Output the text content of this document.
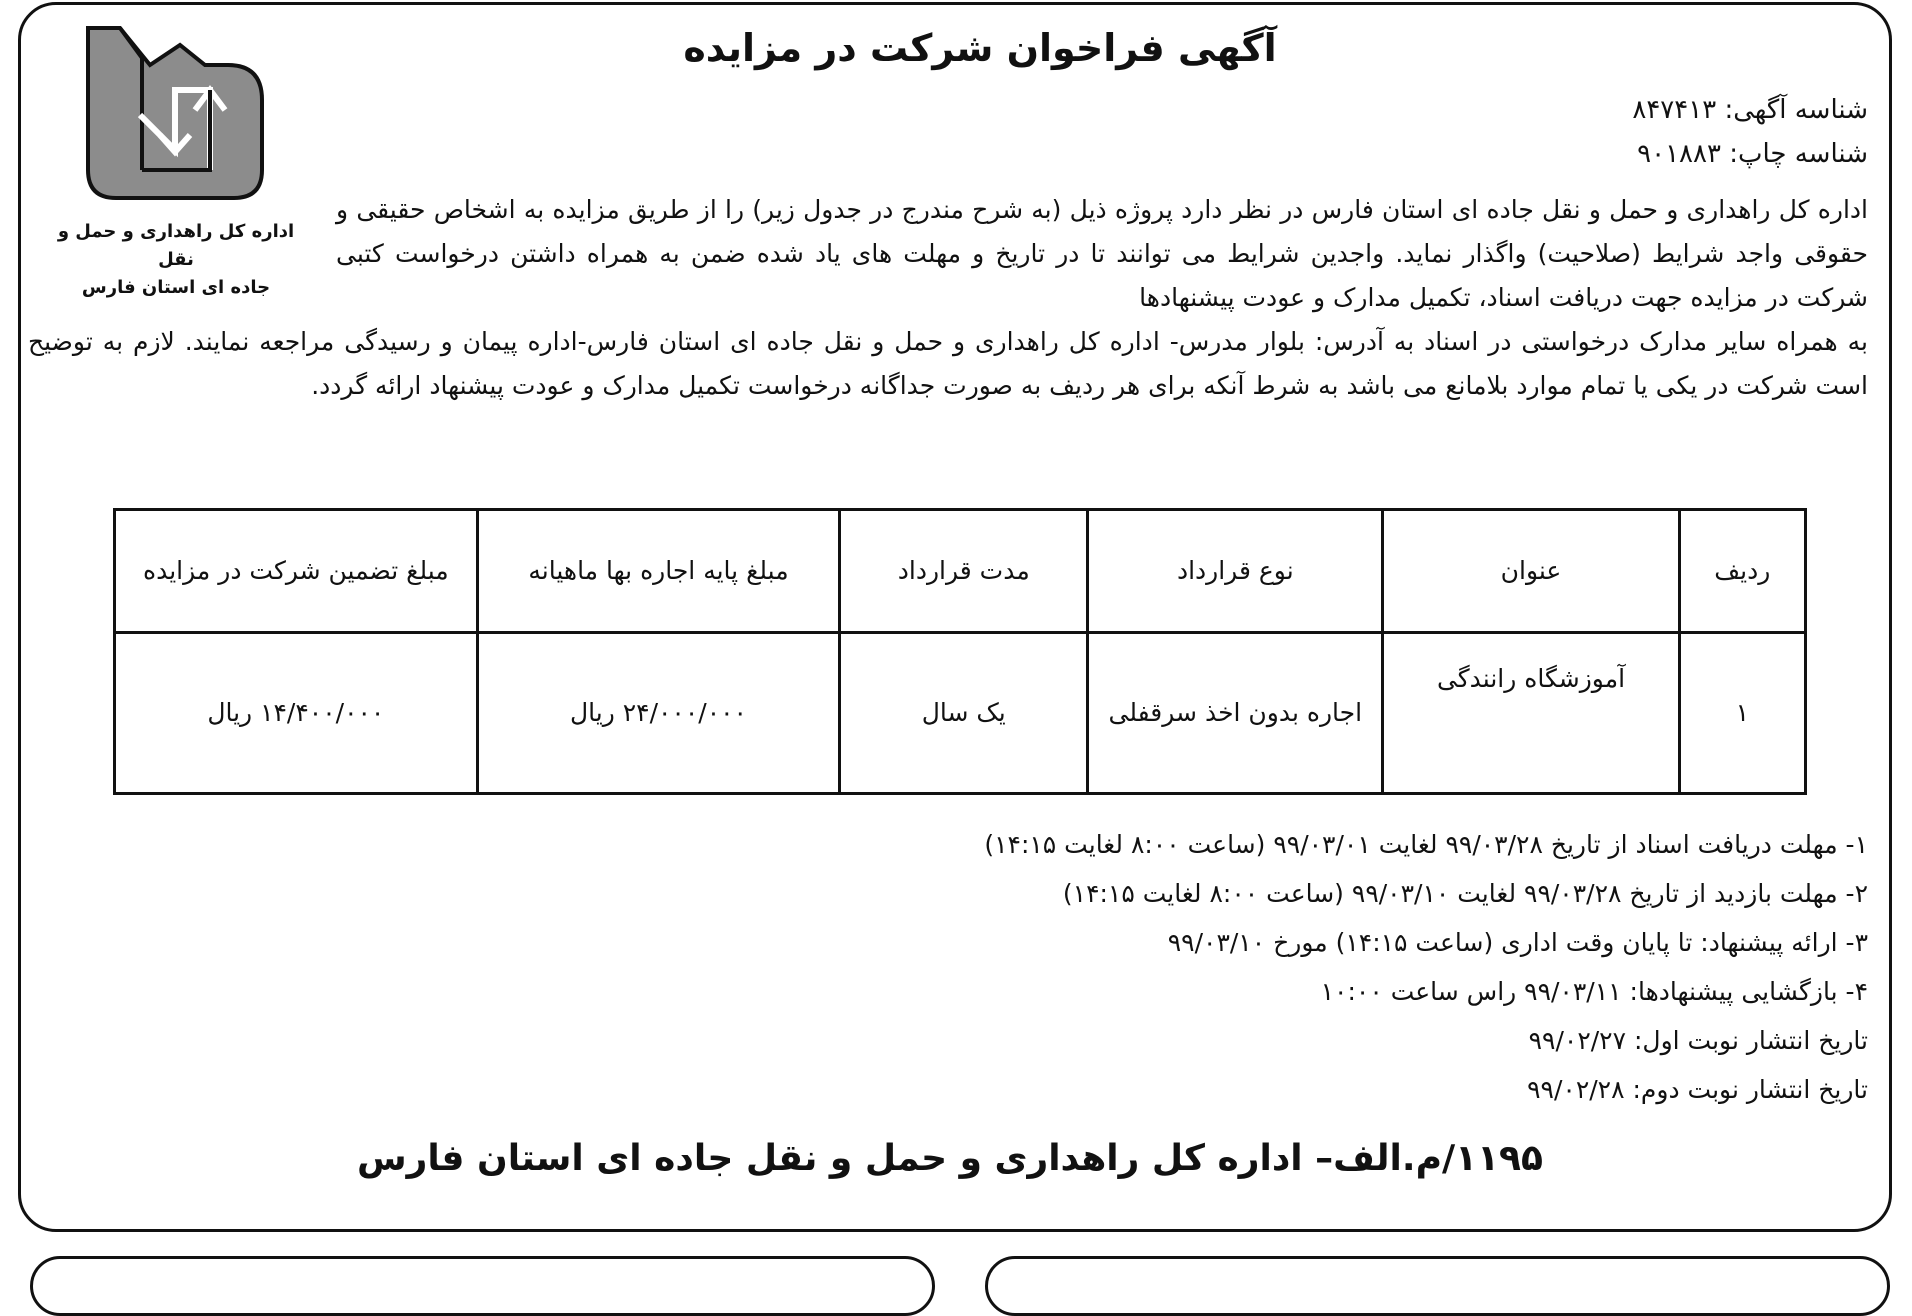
آگهی فراخوان شرکت در مزایده
اداره کل راهداری و حمل و نقل
جاده ای استان فارس
شناسه آگهی: ۸۴۷۴۱۳
شناسه چاپ: ۹۰۱۸۸۳
اداره کل راهداری و حمل و نقل جاده ای استان فارس در نظر دارد پروژه ذیل (به شرح مندرج در جدول زیر) را از طریق مزایده به اشخاص حقیقی و حقوقی واجد شرایط (صلاحیت) واگذار نماید. واجدین شرایط می توانند تا در تاریخ و مهلت های یاد شده ضمن به همراه داشتن درخواست کتبی شرکت در مزایده جهت دریافت اسناد، تکمیل مدارک و عودت پیشنهادها
به همراه سایر مدارک درخواستی در اسناد به آدرس: بلوار مدرس- اداره کل راهداری و حمل و نقل جاده ای استان فارس-اداره پیمان و رسیدگی مراجعه نمایند. لازم به توضیح است شرکت در یکی یا تمام موارد بلامانع می باشد به شرط آنکه برای هر ردیف به صورت جداگانه درخواست تکمیل مدارک و عودت پیشنهاد ارائه گردد.
ردیف	عنوان	نوع قرارداد	مدت قرارداد	مبلغ پایه اجاره بها ماهیانه	مبلغ تضمین شرکت در مزایده
۱	آموزشگاه رانندگی	اجاره بدون اخذ سرقفلی	یک سال	۲۴/۰۰۰/۰۰۰ ریال	۱۴/۴۰۰/۰۰۰ ریال
۱- مهلت دریافت اسناد از تاریخ ۹۹/۰۳/۲۸ لغایت ۹۹/۰۳/۰۱ (ساعت ۸:۰۰ لغایت ۱۴:۱۵)
۲- مهلت بازدید از تاریخ ۹۹/۰۳/۲۸ لغایت ۹۹/۰۳/۱۰ (ساعت ۸:۰۰ لغایت ۱۴:۱۵)
۳- ارائه پیشنهاد: تا پایان وقت اداری (ساعت ۱۴:۱۵) مورخ ۹۹/۰۳/۱۰
۴- بازگشایی پیشنهادها: ۹۹/۰۳/۱۱ راس ساعت ۱۰:۰۰
تاریخ انتشار نوبت اول: ۹۹/۰۲/۲۷
تاریخ انتشار نوبت دوم: ۹۹/۰۲/۲۸
۱۱۹۵/م.الف– اداره کل راهداری و حمل و نقل جاده ای استان فارس
